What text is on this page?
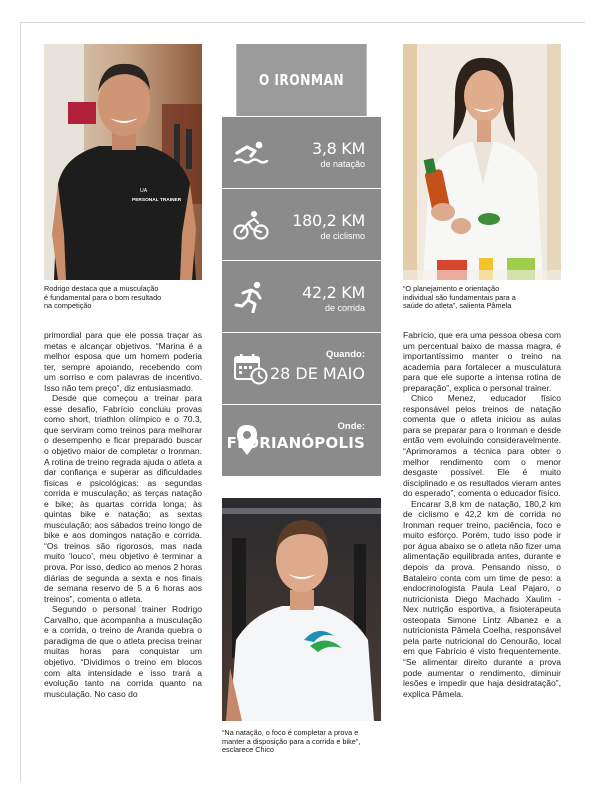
UA
PERSONAL TRAINER
Rodrigo destaca que a musculação é fundamental para o bom resultado na competição
“O planejamento e orientação individual são fundamentais para a saúde do atleta”, salienta Pâmela
O IRONMAN
3,8 KM
de natação
180,2 KM
de ciclismo
42,2 KM
de corrida
Quando:
28 DE MAIO
Onde:
FLORIANÓPOLIS
“Na natação, o foco é completar a prova e manter a disposição para a corrida e bike”, esclarece Chico

primordial para que ele possa traçar as metas e alcançar objetivos. “Marina é a melhor esposa que um homem poderia ter, sempre apoiando, recebendo com um sorriso e com palavras de incentivo. Isso não tem preço”, diz entusiasmado.

Desde que começou a treinar para esse desafio, Fabrício concluiu provas como short, triathlon olímpico e o 70.3, que serviram como treinos para melhorar o desempenho e ficar preparado buscar o objetivo maior de completar o Ironman. A rotina de treino regrada ajuda o atleta a dar confiança e superar as dificuldades físicas e psicológicas: as segundas corrida e musculação; as terças natação e bike; às quartas corrida longa; às quintas bike e natação; as sextas musculação; aos sábados treino longo de bike e aos domingos natação e corrida. “Os treinos são rigorosos, mas nada muito ‘louco’, meu objetivo é terminar a prova. Por isso, dedico ao menos 2 horas diárias de segunda a sexta e nos finais de semana reservo de 5 a 6 horas aos treinos”, comenta o atleta.

Segundo o personal trainer Rodrigo Carvalho, que acompanha a musculação e a corrida, o treino de Aranda quebra o paradigma de que o atleta precisa treinar muitas horas para conquistar um objetivo. “Dividimos o treino em blocos com alta intensidade e isso trará a evolução tanto na corrida quanto na musculação. No caso do

Fabrício, que era uma pessoa obesa com um percentual baixo de massa magra, é importantíssimo manter o treino na academia para fortalecer a musculatura para que ele suporte a intensa rotina de preparação”, explica o personal trainer.

Chico Menez, educador físico responsável pelos treinos de natação comenta que o atleta iniciou as aulas para se preparar para o Ironman e desde então vem evoluindo consideravelmente. “Aprimoramos a técnica para obter o melhor rendimento com o menor desgaste possível. Ele é muito disciplinado e os resultados vieram antes do esperado”, comenta o educador físico.

Encarar 3,8 km de natação, 180,2 km de ciclismo e 42,2 km de corrida no Ironman requer treino, paciência, foco e muito esforço. Porém, tudo isso pode ir por água abaixo se o atleta não fizer uma alimentação equilibrada antes, durante e depois da prova. Pensando nisso, o Bataleiro conta com um time de peso: a endocrinologista Paula Leal Pajaro, o nutricionista Diego Machado Xaulim - Nex nutrição esportiva, a fisioterapeuta osteopata Simone Lintz Albanez e a nutricionista Pâmela Coelha, responsável pela parte nutricional do Cenourão, local em que Fabrício é visto frequentemente. “Se alimentar direito durante a prova pode aumentar o rendimento, diminuir lesões e impedir que haja desidratação”, explica Pâmela.
